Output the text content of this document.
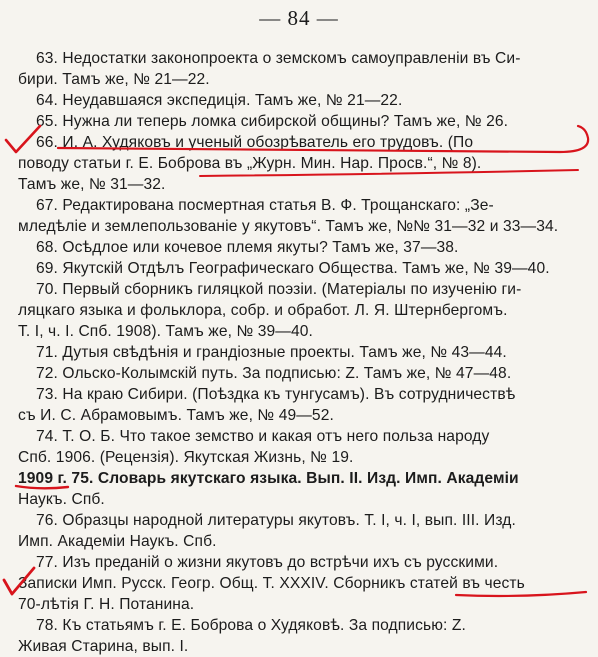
— 84 —
63. Недостатки законопроекта о земскомъ самоуправленіи въ Си-
биpи. Тамъ же, № 21—22.
64. Неудавшаяся экспедиція. Тамъ же, № 21—22.
65. Нужна ли теперь ломка сибирской общины? Тамъ же, № 26.
66. И. А. Худяковъ и ученый обозрѣватель его трудовъ. (По
поводу статьи г. Е. Боброва въ „Журн. Мин. Нар. Просв.“, № 8).
Тамъ же, № 31—32.
67. Редактирована посмертная статья В. Ф. Трощанскаго: „Зе-
мледѣліе и землепользованіе у якутовъ“. Тамъ же, №№ 31—32 и 33—34.
68. Осѣдлое или кочевое племя якуты? Тамъ же, 37—38.
69. Якутскій Отдѣлъ Географическаго Общества. Тамъ же, № 39—40.
70. Первый сборникъ гиляцкой поэзіи. (Матеріалы по изученію ги-
ляцкаго языка и фольклора, собр. и обработ. Л. Я. Штернбергомъ.
Т. I, ч. I. Спб. 1908). Тамъ же, № 39—40.
71. Дутыя свѣдѣнія и грандіозные проекты. Тамъ же, № 43—44.
72. Ольско-Колымскій путь. За подписью: Z. Тамъ же, № 47—48.
73. На краю Сибири. (Поѣздка къ тунгусамъ). Въ сотрудничествѣ
съ И. С. Абрамовымъ. Тамъ же, № 49—52.
74. Т. О. Б. Что такое земство и какая отъ него польза народу
Спб. 1906. (Рецензія). Якутская Жизнь, № 19.
1909 г. 75. Словарь якутскаго языка. Вып. II. Изд. Имп. Академіи
Наукъ. Спб.
76. Образцы народной литературы якутовъ. Т. I, ч. I, вып. III. Изд.
Имп. Академіи Наукъ. Спб.
77. Изъ преданій о жизни якутовъ до встрѣчи ихъ съ русскими.
Записки Имп. Русск. Геогр. Общ. Т. XXXIV. Сборникъ статей въ честь
70-лѣтія Г. Н. Потанина.
78. Къ статьямъ г. Е. Боброва о Худяковѣ. За подписью: Z.
Живая Старина, вып. I.
